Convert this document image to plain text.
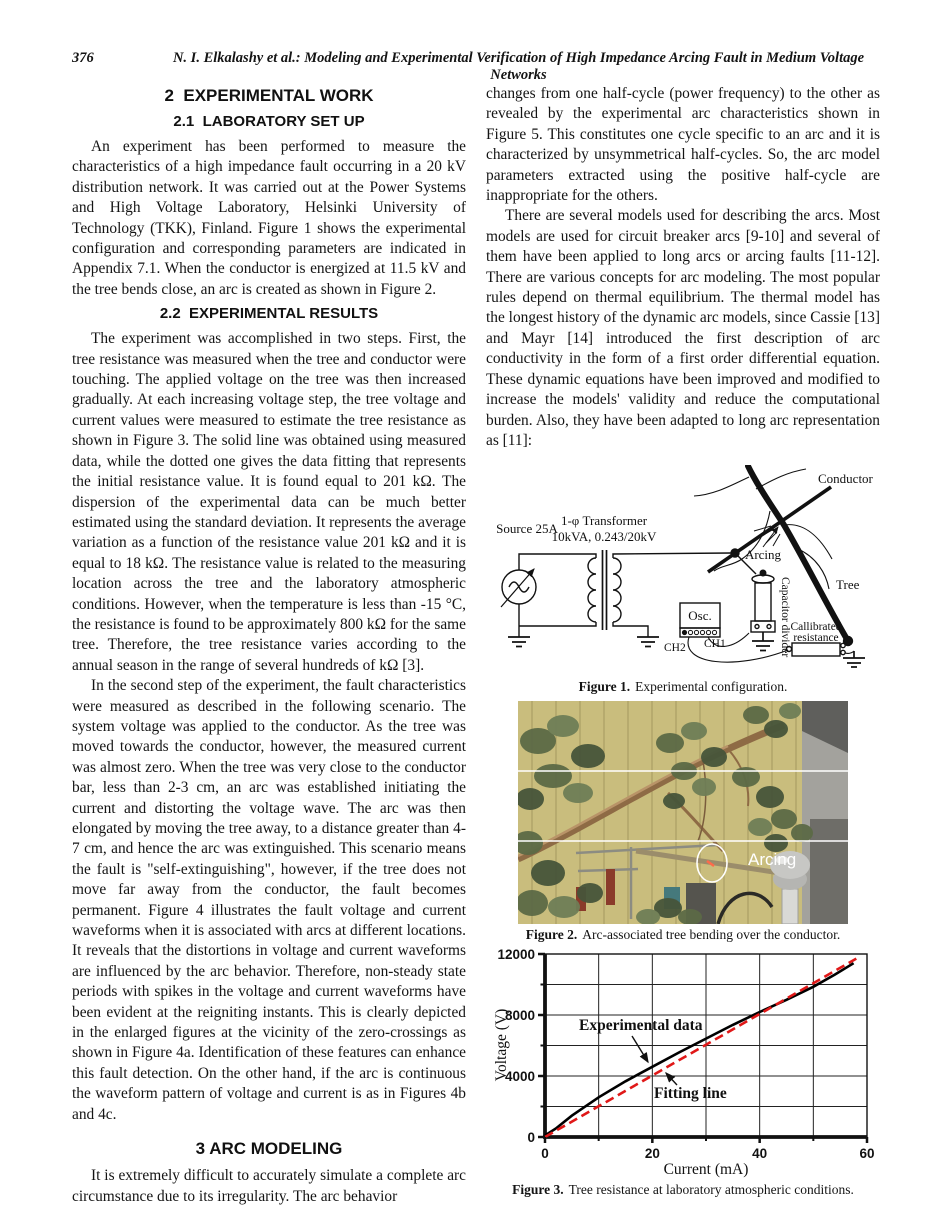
376	N. I. Elkalashy et al.: Modeling and Experimental Verification of High Impedance Arcing Fault in Medium Voltage Networks
2  EXPERIMENTAL WORK
2.1  LABORATORY SET UP

An experiment has been performed to measure the characteristics of a high impedance fault occurring in a 20 kV distribution network. It was carried out at the Power Systems and High Voltage Laboratory, Helsinki University of Technology (TKK), Finland. Figure 1 shows the experimental configuration and corresponding parameters are indicated in Appendix 7.1. When the conductor is energized at 11.5 kV and the tree bends close, an arc is created as shown in Figure 2.

2.2  EXPERIMENTAL RESULTS

The experiment was accomplished in two steps. First, the tree resistance was measured when the tree and conductor were touching. The applied voltage on the tree was then increased gradually. At each increasing voltage step, the tree voltage and current values were measured to estimate the tree resistance as shown in Figure 3. The solid line was obtained using measured data, while the dotted one gives the data fitting that represents the initial resistance value. It is found equal to 201 kΩ. The dispersion of the experimental data can be much better estimated using the standard deviation. It represents the average variation as a function of the resistance value 201 kΩ and it is equal to 18 kΩ. The resistance value is related to the measuring location across the tree and the laboratory atmospheric conditions. However, when the temperature is less than -15 °C, the resistance is found to be approximately 800 kΩ for the same tree. Therefore, the tree resistance varies according to the annual season in the range of several hundreds of kΩ [3].

In the second step of the experiment, the fault characteristics were measured as described in the following scenario. The system voltage was applied to the conductor. As the tree was moved towards the conductor, however, the measured current was almost zero. When the tree was very close to the conductor bar, less than 2-3 cm, an arc was established initiating the current and distorting the voltage wave. The arc was then elongated by moving the tree away, to a distance greater than 4-7 cm, and hence the arc was extinguished. This scenario means the fault is "self-extinguishing", however, if the tree does not move far away from the conductor, the fault becomes permanent. Figure 4 illustrates the fault voltage and current waveforms when it is associated with arcs at different locations. It reveals that the distortions in voltage and current waveforms are influenced by the arc behavior. Therefore, non-steady state periods with spikes in the voltage and current waveforms have been evident at the reigniting instants. This is clearly depicted in the enlarged figures at the vicinity of the zero-crossings as shown in Figure 4a. Identification of these features can enhance this fault detection. On the other hand, if the arc is continuous the waveform pattern of voltage and current is as in Figures 4b and 4c.

3 ARC MODELING

It is extremely difficult to accurately simulate a complete arc circumstance due to its irregularity. The arc behavior

changes from one half-cycle (power frequency) to the other as revealed by the experimental arc characteristics shown in Figure 5. This constitutes one cycle specific to an arc and it is characterized by unsymmetrical half-cycles. So, the arc model parameters extracted using the positive half-cycle are inappropriate for the others.

There are several models used for describing the arcs. Most models are used for circuit breaker arcs [9-10] and several of them have been applied to long arcs or arcing faults [11-12]. There are various concepts for arc modeling. The most popular rules depend on thermal equilibrium. The thermal model has the longest history of the dynamic arc models, since Cassie [13] and Mayr [14] introduced the first description of arc conductivity in the form of a first order differential equation. These dynamic equations have been improved and modified to increase the models' validity and reduce the computational burden. Also, they have been adapted to long arc representation as [11]:

Source 25A
1-φ Transformer
10kVA, 0.243/20kV
Osc.
CH2 CH1	Capacitor divider Callibrated
resistance
Conductor
Arcing
Tree
Figure 1. Experimental configuration.
Arcing
Figure 2. Arc-associated tree bending over the conductor.
0	20	40	60
0
4000
8000
12000
Experimental data
Fitting line
Voltage (V)
Current (mA)
Figure 3. Tree resistance at laboratory atmospheric conditions.
